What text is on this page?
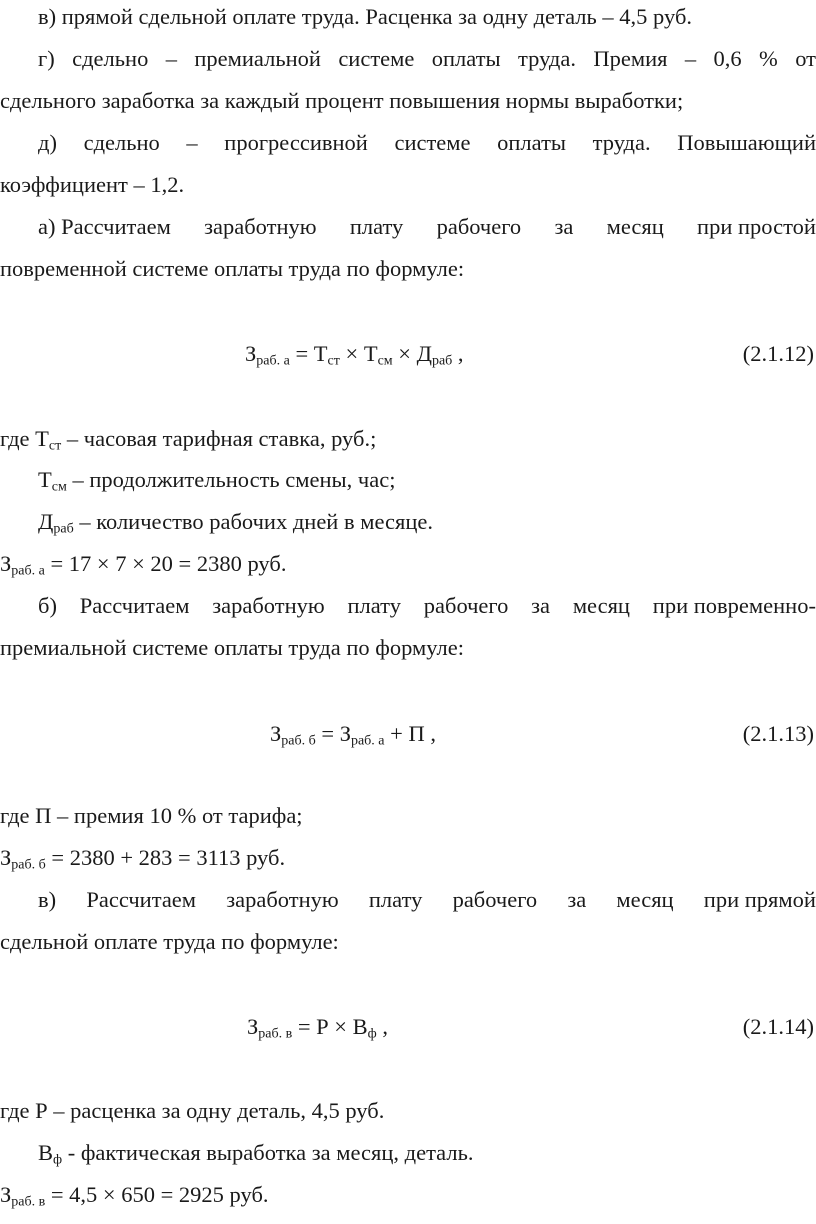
в) прямой сдельной оплате труда. Расценка за одну деталь – 4,5 руб.
г) сдельно – премиальной системе оплаты труда. Премия – 0,6 % от
сдельного заработка за каждый процент повышения нормы выработки;
д) сдельно – прогрессивной системе оплаты труда. Повышающий
коэффициент – 1,2.
а) Рассчитаем заработную плату рабочего за месяц при простой
повременной системе оплаты труда по формуле:
$З_{раб. а} = Т_{ст} \times Т_{см} \times Д_{раб}$ ,	(2.1.12)
где $Т_{ст}$ – часовая тарифная ставка, руб.;
$Т_{см}$ – продолжительность смены, час;
$Д_{раб}$ – количество рабочих дней в месяце.
$З_{раб. а} = 17 \times 7 \times 20 = 2380$ руб.
б) Рассчитаем заработную плату рабочего за месяц при повременно-
премиальной системе оплаты труда по формуле:
$З_{раб. б} = З_{раб. а} + П$ ,	(2.1.13)
где П – премия 10 % от тарифа;
$З_{раб. б} = 2380 + 283 = 3113$ руб.
в) Рассчитаем заработную плату рабочего за месяц при прямой
сдельной оплате труда по формуле:
$З_{раб. в} = Р \times В_ф$ ,	(2.1.14)
где Р – расценка за одну деталь, 4,5 руб.
$В_ф$ - фактическая выработка за месяц, деталь.
$З_{раб. в} = 4,5 \times 650 = 2925$ руб.
